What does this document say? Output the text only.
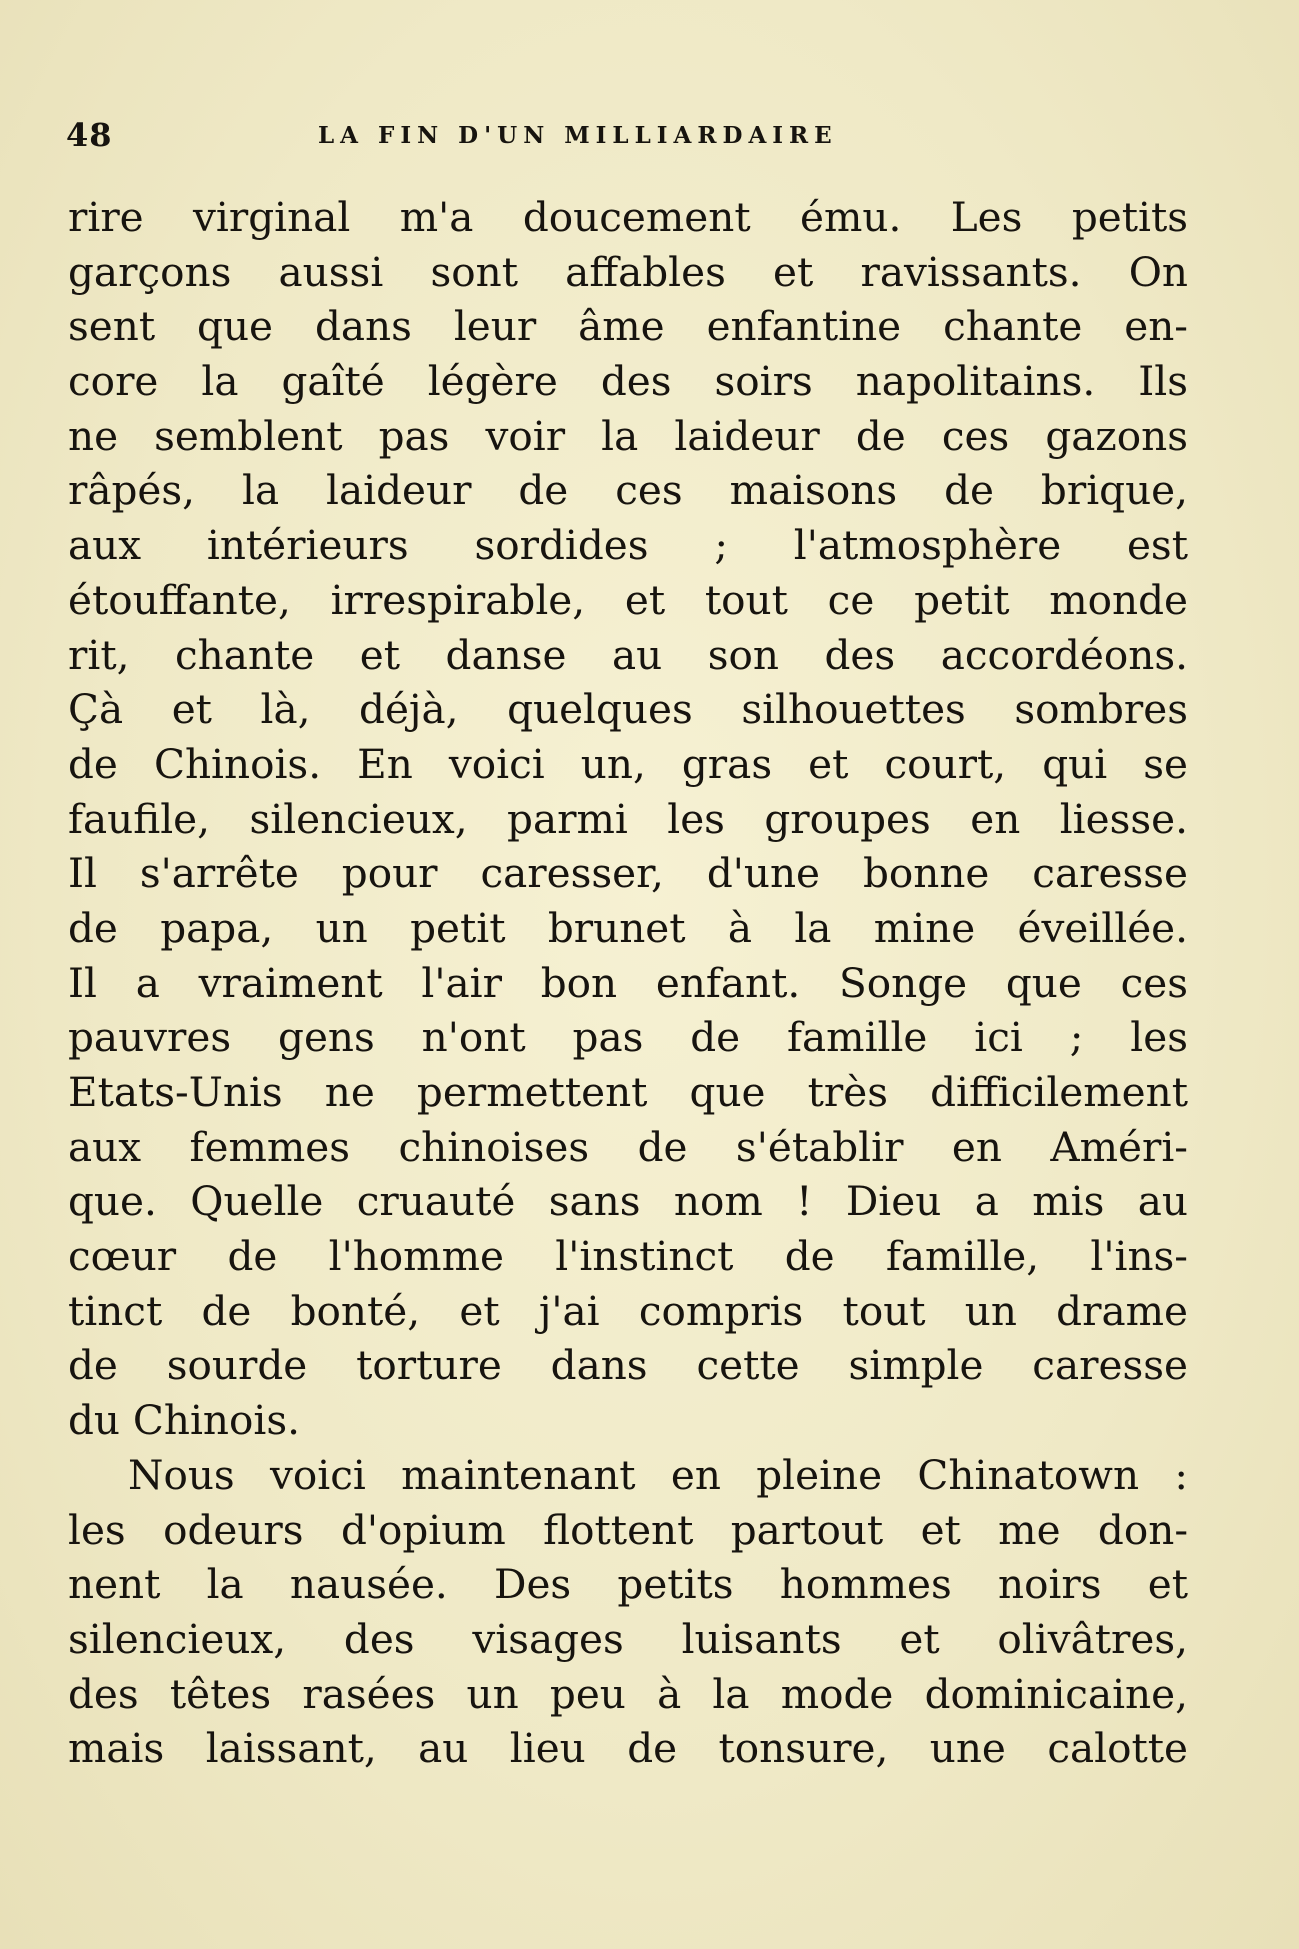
48	LA FIN D'UN MILLIARDAIRE
rire virginal m'a doucement ému. Les petits
garçons aussi sont affables et ravissants. On
sent que dans leur âme enfantine chante en-
core la gaîté légère des soirs napolitains. Ils
ne semblent pas voir la laideur de ces gazons
râpés, la laideur de ces maisons de brique,
aux intérieurs sordides ; l'atmosphère est
étouffante, irrespirable, et tout ce petit monde
rit, chante et danse au son des accordéons.
Çà et là, déjà, quelques silhouettes sombres
de Chinois. En voici un, gras et court, qui se
faufile, silencieux, parmi les groupes en liesse.
Il s'arrête pour caresser, d'une bonne caresse
de papa, un petit brunet à la mine éveillée.
Il a vraiment l'air bon enfant. Songe que ces
pauvres gens n'ont pas de famille ici ; les
Etats-Unis ne permettent que très difficilement
aux femmes chinoises de s'établir en Améri-
que. Quelle cruauté sans nom ! Dieu a mis au
cœur de l'homme l'instinct de famille, l'ins-
tinct de bonté, et j'ai compris tout un drame
de sourde torture dans cette simple caresse
du Chinois.
Nous voici maintenant en pleine Chinatown :
les odeurs d'opium flottent partout et me don-
nent la nausée. Des petits hommes noirs et
silencieux, des visages luisants et olivâtres,
des têtes rasées un peu à la mode dominicaine,
mais laissant, au lieu de tonsure, une calotte
